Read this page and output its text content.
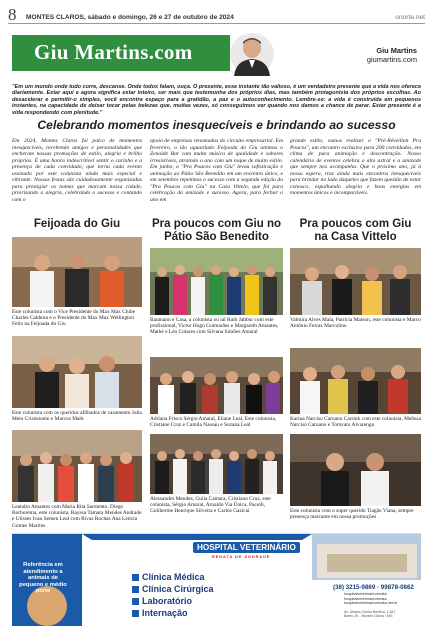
8	MONTES CLAROS, sábado e domingo, 26 e 27 de outubro de 2024	onorte.net
Giu Martins.com	Giu Martins
giumartins.com
"Em um mundo onde tudo corre, descanse. Onde todos falam, ouça. O presente, esse instante tão valioso, é um verdadeiro presente que a vida nos oferece diariamente. Estar aqui e agora significa estar inteiro, ser mais que testemunha dos próprios dias, mas também protagonista dos próprios escolhas. Ao desacelerar e permitir-o simples, você encontra espaço para a gratidão, a paz e o autoconhecimento. Lembre-se: a vida é construída em pequenos instantes, na capacidade de deixar tocar pelas belezas que, muitas vezes, só conseguimos ver quando nos damos a chance de parar. Estar presente é a vida respondendo com plenitude."
Celebrando momentos inesquecíveis e brindando ao sucesso
Em 2024, Montes Claros foi palco de momentos inesquecíveis, recebendo amigos e personalidades que encheram nossas promoções de estilo, alegria e brilho próprios. É uma honra indescritível sentir o carinho e a presença de cada convidado, que torna cada evento assinado por este colunista ainda mais especial e vibrante. Nossas festas são cuidadosamente organizadas para prestigiar os nomes que marcam nossa cidade, priorizando a alegria, celebrando o sucesso e contando com o
apoio de empresas renomadas do circuito empresarial. Em fevereiro, o tão aguardado Feijoada do Giu animou o Zenaide Bar com muita música de qualidade e sabores irresistíveis, atraindo o ano com um toque de muito estilo. Em junho, o "Pra Poucos com Giu" levou sofisticação e animação ao Pátio São Benedito em um encontro único, e em setembro repetimos o sucesso com a segunda edição do "Pra Poucos com Giu" na Casa Vittelo, que foi pura celebração da amizade e sucesso. Agora, para fechar o ano em
grande estilo, vamos realizar o "Pré-Réveillon Pra Poucos", um encontro exclusivo para 200 convidados, em clima de pura animação e descontração. Nosso calendário de eventos celebra o alto astral e a amizade que sempre nos acompanha. Que o próximo ano, já à nossa espera, traz ainda mais encontros inesquecíveis para brindar no lado daqueles que fazem questão de estar conosco, espalhando alegria e boas energias em momentos únicos e incomparáveis.
Feijoada do Giu	Pra poucos com Giu no
Pátio São Benedito
Pra poucos com Giu
na Casa Vittelo
Este colunista com o Vice Presidente do Max Max Clube Charles Caldeira e o Presidente do Max Max Wellington Felix na Feijoada do Giu
Este colunista com os queridos afilhados de casamento Julia Melo Crisóstomo e Marcos Mark
Leandro Amantes com Maria Rita Sarmento, Diego Borborema, este colunista, Rayssa Tamara Mendes Andrade e Ulisses Ivan Semen Leal com Rivas Rochas Ana Leticia Gomes Martins
Baumann e Casa, a colunista ou ial Ruth Jabbur com este profissional, Victor Hugo Guimarães e Margareth Amantes, Mathé e Léo Colares com Silvana Simões Amaral
Adriana Frisco Sérgio Amaral, Eliane Leal, Este colunista, Cristiane Cruz e Camila Nassau e Suzana Leal
Alessandro Mendes, Guila Camara, Cristiano Cruz, este colunista, Sérgio Amaral, Arnaldo Via Única, Pacelli, Guilherme Henrique Silveira e Carlos Gazicai
Valmira Alves Maia, Patrícia Maison, este colunista e Marco Antônio Ferraz Marcolino
Karina Narciso Caruano Carrink com este colunista, Melissa Narciso Caruano e Tomyato Alvarenga
Este colunista com o super querido Tiagão Viana, sempre presença marcante em nossa promoções
Referência em atendimento a animais de pequeno e médio porte
HOSPITAL VETERINÁRIO
RENATA DE ANDRADE
Clínica Médica
Clínica Cirúrgica
Laboratório
Internação
(38) 3215-9869 · 99878-0862
hospitalveterinariorenata
hospitalveterinariorenata
hospitalveterinariorenata.net.br
Av. Ubaldo Cunha Benfica, 1.847
Bairro JK - Montes Claros / MG
